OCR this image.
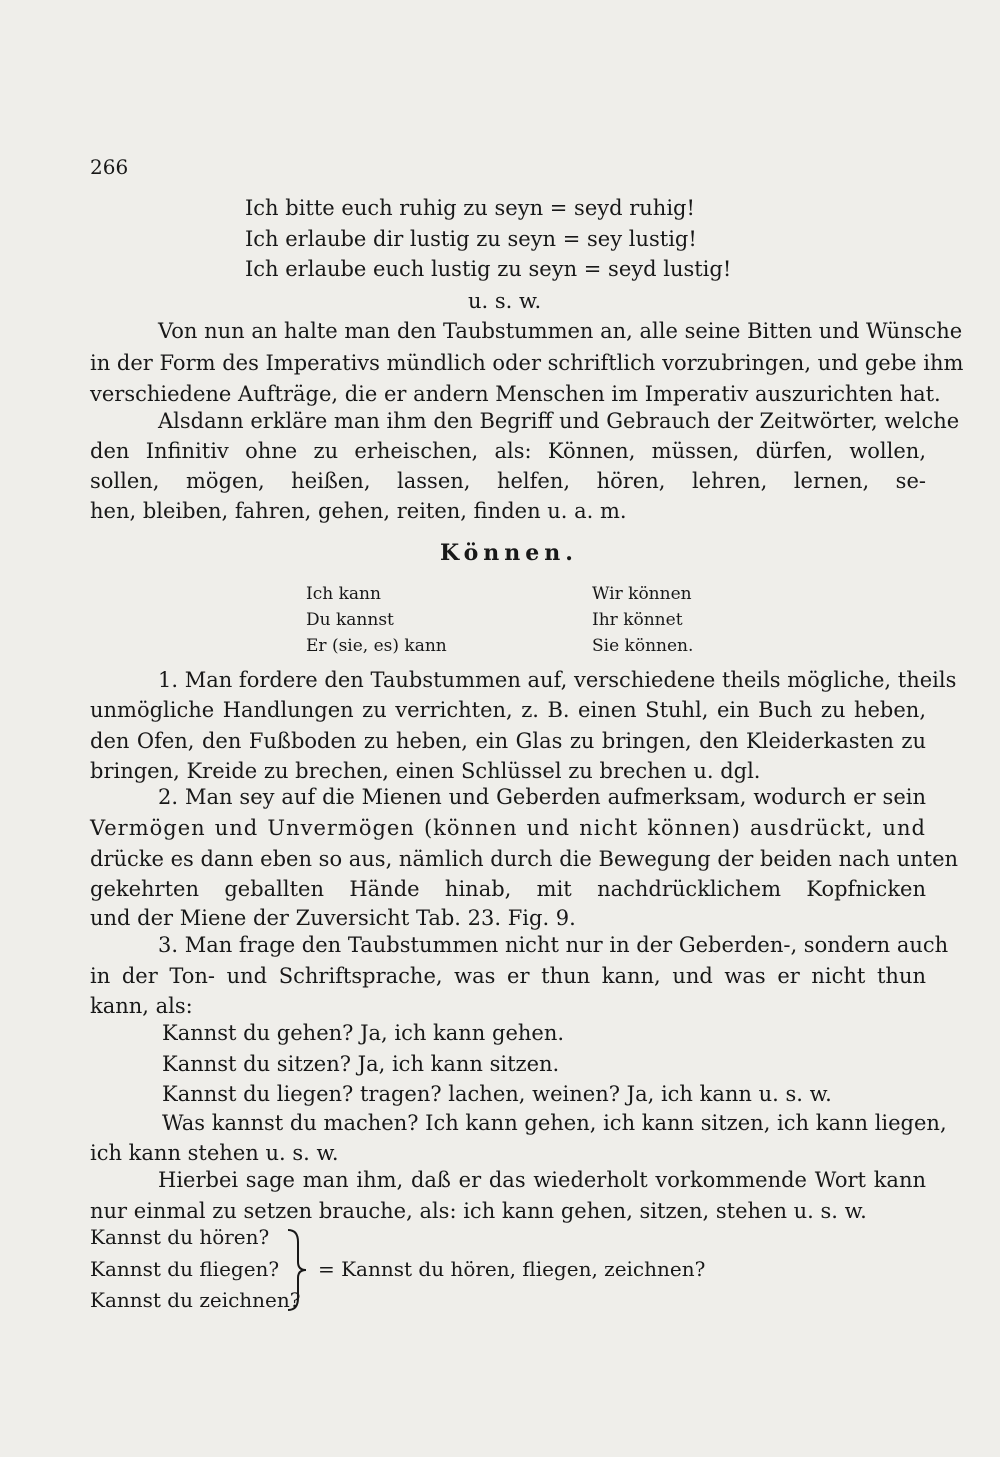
266
Ich bitte euch ruhig zu seyn = seyd ruhig!
Ich erlaube dir lustig zu seyn = sey lustig!
Ich erlaube euch lustig zu seyn = seyd lustig!
u. s. w.
Von nun an halte man den Taubstummen an, alle seine Bitten und Wünsche
in der Form des Imperativs mündlich oder schriftlich vorzubringen, und gebe ihm
verschiedene Aufträge, die er andern Menschen im Imperativ auszurichten hat.
Alsdann erkläre man ihm den Begriff und Gebrauch der Zeitwörter, welche
den Infinitiv ohne zu erheischen, als: Können, müssen, dürfen, wollen,
sollen, mögen, heißen, lassen, helfen, hören, lehren, lernen, se-
hen, bleiben, fahren, gehen, reiten, finden u. a. m.
Können.
Ich kann
Du kannst
Er (sie, es) kann
Wir können
Ihr könnet
Sie können.
1. Man fordere den Taubstummen auf, verschiedene theils mögliche, theils
unmögliche Handlungen zu verrichten, z. B. einen Stuhl, ein Buch zu heben,
den Ofen, den Fußboden zu heben, ein Glas zu bringen, den Kleiderkasten zu
bringen, Kreide zu brechen, einen Schlüssel zu brechen u. dgl.
2. Man sey auf die Mienen und Geberden aufmerksam, wodurch er sein
Vermögen und Unvermögen (können und nicht können) ausdrückt, und
drücke es dann eben so aus, nämlich durch die Bewegung der beiden nach unten
gekehrten geballten Hände hinab, mit nachdrücklichem Kopfnicken
und der Miene der Zuversicht Tab. 23. Fig. 9.
3. Man frage den Taubstummen nicht nur in der Geberden-, sondern auch
in der Ton- und Schriftsprache, was er thun kann, und was er nicht thun
kann, als:
Kannst du gehen? Ja, ich kann gehen.
Kannst du sitzen? Ja, ich kann sitzen.
Kannst du liegen? tragen? lachen, weinen? Ja, ich kann u. s. w.
Was kannst du machen? Ich kann gehen, ich kann sitzen, ich kann liegen,
ich kann stehen u. s. w.
Hierbei sage man ihm, daß er das wiederholt vorkommende Wort kann
nur einmal zu setzen brauche, als: ich kann gehen, sitzen, stehen u. s. w.
Kannst du hören?
Kannst du fliegen?
Kannst du zeichnen?
= Kannst du hören, fliegen, zeichnen?
